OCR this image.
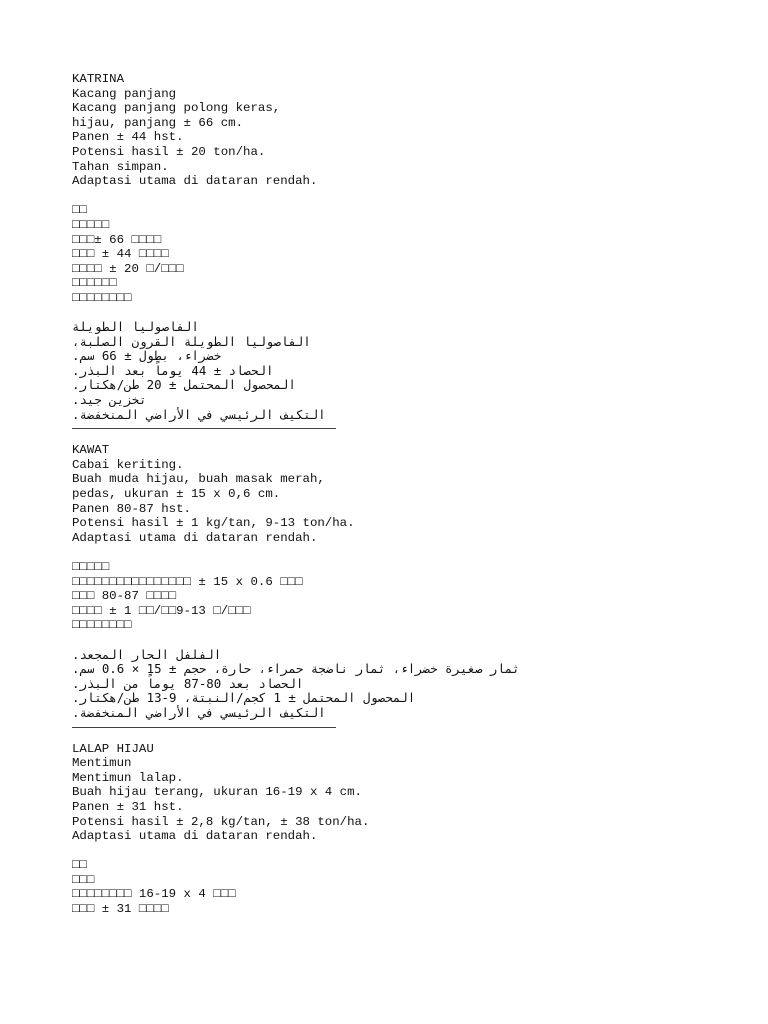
KATRINA
Kacang panjang
Kacang panjang polong keras,
hijau, panjang ± 66 cm.
Panen ± 44 hst.
Potensi hasil ± 20 ton/ha.
Tahan simpan.
Adaptasi utama di dataran rendah.
□□
□□□□□
□□□± 66 □□□□
□□□ ± 44 □□□□
□□□□ ± 20 □/□□□
□□□□□□
□□□□□□□□
الفاصوليا الطويلة
الفاصوليا الطويلة القرون الصلبة،
خضراء، بطول ± 66 سم.
الحصاد ± 44 يوماً بعد البذر.
المحصول المحتمل ± 20 طن/هكتار.
تخزين جيد.
التكيف الرئيسي في الأراضي المنخفضة.
KAWAT
Cabai keriting.
Buah muda hijau, buah masak merah,
pedas, ukuran ± 15 x 0,6 cm.
Panen 80-87 hst.
Potensi hasil ± 1 kg/tan, 9-13 ton/ha.
Adaptasi utama di dataran rendah.
□□□□□
□□□□□□□□□□□□□□□□ ± 15 x 0.6 □□□
□□□ 80-87 □□□□
□□□□ ± 1 □□/□□9-13 □/□□□
□□□□□□□□
الفلفل الحار المجعد.
ثمار صغيرة خضراء، ثمار ناضجة حمراء، حارة، حجم ± 15 × 0.6 سم.
الحصاد بعد 80-87 يوماً من البذر.
المحصول المحتمل ± 1 كجم/النبتة، 9-13 طن/هكتار.
التكيف الرئيسي في الأراضي المنخفضة.
LALAP HIJAU
Mentimun
Mentimun lalap.
Buah hijau terang, ukuran 16-19 x 4 cm.
Panen ± 31 hst.
Potensi hasil ± 2,8 kg/tan, ± 38 ton/ha.
Adaptasi utama di dataran rendah.
□□
□□□
□□□□□□□□ 16-19 x 4 □□□
□□□ ± 31 □□□□
